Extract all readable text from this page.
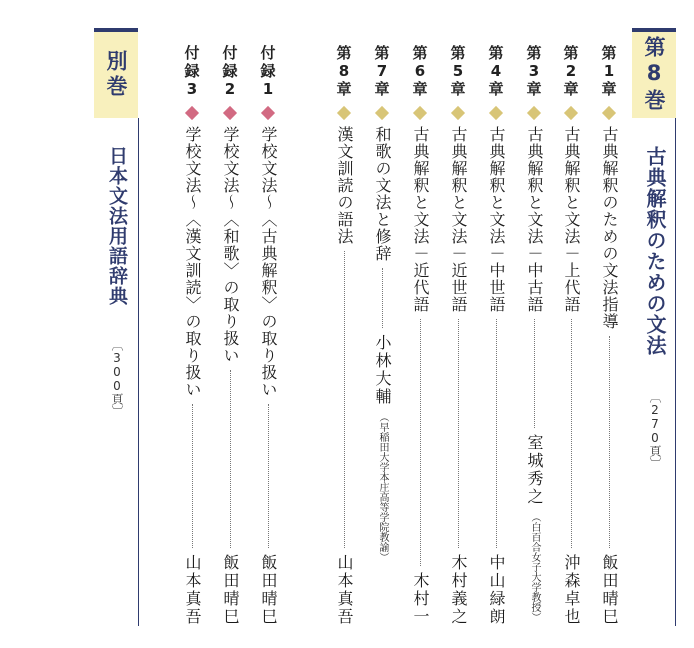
第8巻
古典解釈のための文法 〔270頁〕
別巻
日本文法用語辞典 〔300頁〕
第
1
章
古典解釈のための文法指導
飯田晴巳
第
2
章
古典解釈と文法－上代語
沖森卓也
第
3
章
古典解釈と文法－中古語
室城秀之
（白百合女子大学教授）
第
4
章
古典解釈と文法－中世語
中山緑朗
第
5
章
古典解釈と文法－近世語
木村義之
第
6
章
古典解釈と文法－近代語
木村一
第
7
章
和歌の文法と修辞
小林大輔
（早稲田大学本庄高等学院教諭）
第
8
章
漢文訓読の語法
山本真吾
付
録
1
学校文法～〈古典解釈〉の取り扱い
飯田晴巳
付
録
2
学校文法～〈和歌〉の取り扱い
飯田晴巳
付
録
3
学校文法～〈漢文訓読〉の取り扱い
山本真吾
